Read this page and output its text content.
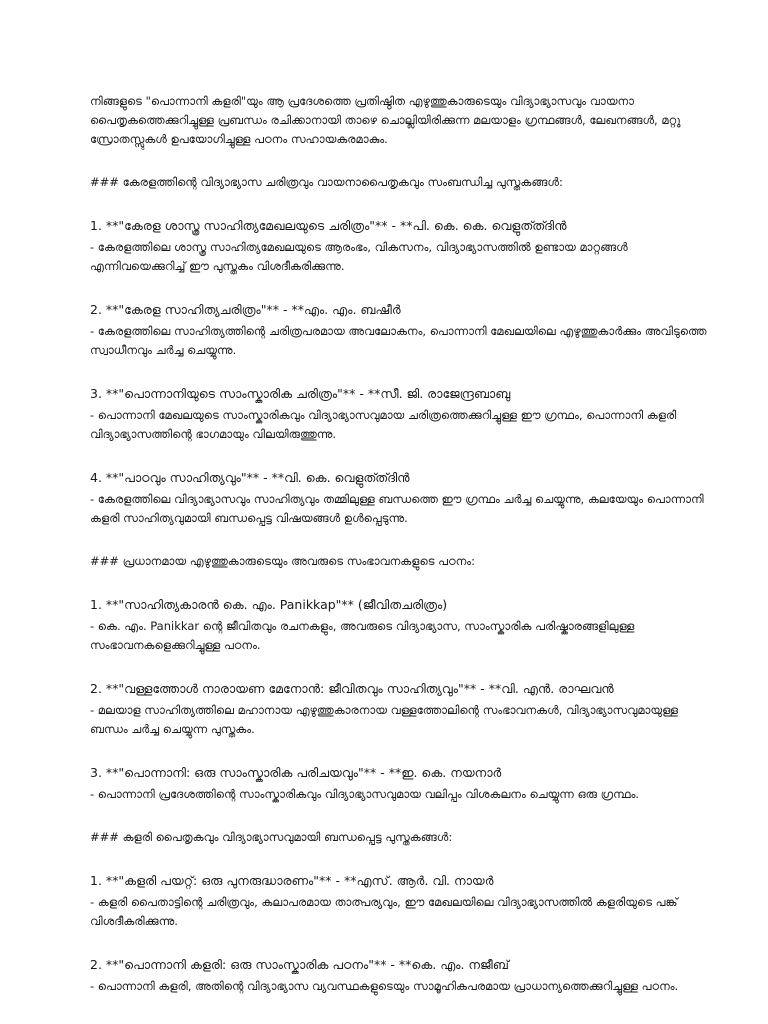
നിങ്ങളുടെ "പൊന്നാനി കളരി"യും ആ പ്രദേശത്തെ പ്രതിഷ്ഠിത എഴുത്തുകാരുടെയും വിദ്യാഭ്യാസവും വായനാ പൈതൃകത്തെക്കുറിച്ചുള്ള പ്രബന്ധം രചിക്കാനായി താഴെ ചൊല്ലിയിരിക്കുന്ന മലയാളം ഗ്രന്ഥങ്ങൾ, ലേഖനങ്ങൾ, മറ്റു സ്രോതസ്സുകൾ ഉപയോഗിച്ചുള്ള പഠനം സഹായകരമാകും.

### കേരളത്തിന്റെ വിദ്യാഭ്യാസ ചരിത്രവും വായനാപൈതൃകവും സംബന്ധിച്ച പുസ്തകങ്ങൾ:

1. **"കേരള ശാസ്ത്ര സാഹിത്യമേഖലയുടെ ചരിത്രം"** - **പി. കെ. കെ. വെളുത്ത്ദിൻ

- കേരളത്തിലെ ശാസ്ത്ര സാഹിത്യമേഖലയുടെ ആരംഭം, വികസനം, വിദ്യാഭ്യാസത്തിൽ ഉണ്ടായ മാറ്റങ്ങൾ എന്നിവയെക്കുറിച്ച് ഈ പുസ്തകം വിശദീകരിക്കുന്നു.

2. **"കേരള സാഹിത്യചരിത്രം"** - **എം. എം. ബഷീർ

- കേരളത്തിലെ സാഹിത്യത്തിന്റെ ചരിത്രപരമായ അവലോകനം, പൊന്നാനി മേഖലയിലെ എഴുത്തുകാർക്കും അവിടുത്തെ സ്വാധീനവും ചർച്ച ചെയ്യുന്നു.

3. **"പൊന്നാനിയുടെ സാംസ്കാരിക ചരിത്രം"** - **സീ. ജി. രാജേന്ദ്രബാബു

- പൊന്നാനി മേഖലയുടെ സാംസ്കാരികവും വിദ്യാഭ്യാസവുമായ ചരിത്രത്തെക്കുറിച്ചുള്ള ഈ ഗ്രന്ഥം, പൊന്നാനി കളരി വിദ്യാഭ്യാസത്തിന്റെ ഭാഗമായും വിലയിരുത്തുന്നു.

4. **"പാഠവും സാഹിത്യവും"** - **വി. കെ. വെളുത്ത്ദിൻ

- കേരളത്തിലെ വിദ്യാഭ്യാസവും സാഹിത്യവും തമ്മിലുള്ള ബന്ധത്തെ ഈ ഗ്രന്ഥം ചർച്ച ചെയ്യുന്നു, കലയേയും പൊന്നാനി കളരി സാഹിത്യവുമായി ബന്ധപ്പെട്ട വിഷയങ്ങൾ ഉൾപ്പെടുന്നു.

### പ്രധാനമായ എഴുത്തുകാരുടെയും അവരുടെ സംഭാവനകളുടെ പഠനം:

1. **"സാഹിത്യകാരൻ കെ. എം. Panikkap"** (ജീവിതചരിത്രം)

- കെ. എം. Panikkar ന്റെ ജീവിതവും രചനകളും, അവരുടെ വിദ്യാഭ്യാസ, സാംസ്കാരിക പരിഷ്കാരങ്ങളിലുള്ള സംഭാവനകളെക്കുറിച്ചുള്ള പഠനം.

2. **"വള്ളത്തോൾ നാരായണ മേനോൻ: ജീവിതവും സാഹിത്യവും"** - **വി. എൻ. രാഘവൻ

- മലയാള സാഹിത്യത്തിലെ മഹാനായ എഴുത്തുകാരനായ വള്ളത്തോലിന്റെ സംഭാവനകൾ, വിദ്യാഭ്യാസവുമായുള്ള ബന്ധം ചർച്ച ചെയ്യുന്ന പുസ്തകം.

3. **"പൊന്നാനി: ഒരു സാംസ്കാരിക പരിചയവും"** - **ഇ. കെ. നയനാർ

- പൊന്നാനി പ്രദേശത്തിന്റെ സാംസ്കാരികവും വിദ്യാഭ്യാസവുമായ വലിപ്പം വിശകലനം ചെയ്യുന്ന ഒരു ഗ്രന്ഥം.

### കളരി പൈതൃകവും വിദ്യാഭ്യാസവുമായി ബന്ധപ്പെട്ട പുസ്തകങ്ങൾ:

1. **"കളരി പയറ്റ്: ഒരു പുനരുദ്ധാരണം"** - **എസ്. ആർ. വി. നായർ

- കളരി പൈതാട്ടിന്റെ ചരിത്രവും, കലാപരമായ താത്പര്യവും, ഈ മേഖലയിലെ വിദ്യാഭ്യാസത്തിൽ കളരിയുടെ പങ്ക് വിശദീകരിക്കുന്നു.

2. **"പൊന്നാനി കളരി: ഒരു സാംസ്കാരിക പഠനം"** - **കെ. എം. നജീബ്

- പൊന്നാനി കളരി, അതിന്റെ വിദ്യാഭ്യാസ വ്യവസ്ഥകളുടെയും സാമൂഹികപരമായ പ്രാധാന്യത്തെക്കുറിച്ചുള്ള പഠനം.
